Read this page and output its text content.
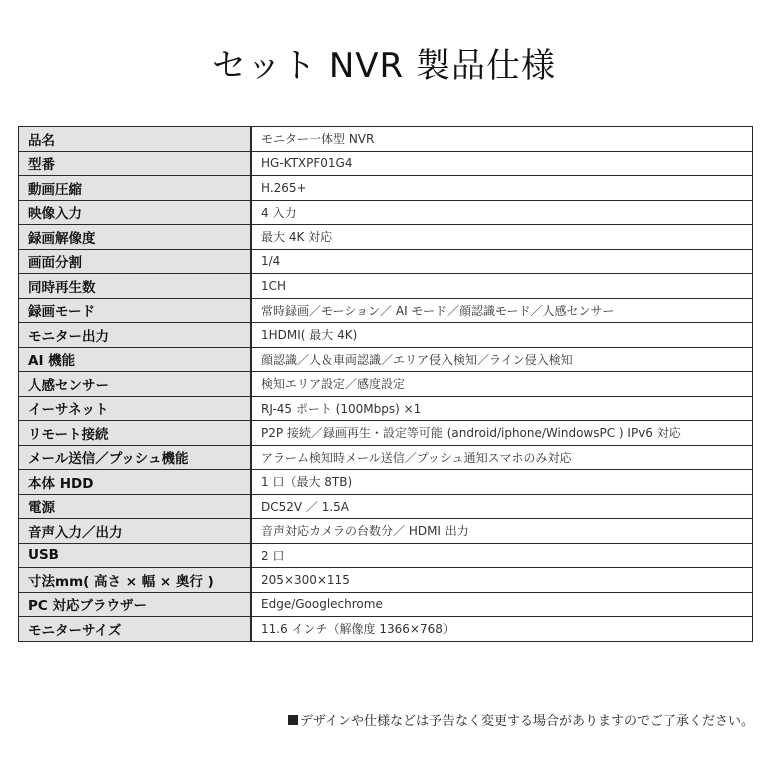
セット NVR 製品仕様
品名	モニター一体型 NVR
型番	HG-KTXPF01G4
動画圧縮	H.265+
映像入力	4 入力
録画解像度	最大 4K 対応
画面分割	1/4
同時再生数	1CH
録画モード	常時録画／モーション／ AI モード／顔認識モード／人感センサー
モニター出力	1HDMI( 最大 4K)
AI 機能	顔認識／人＆車両認識／エリア侵入検知／ライン侵入検知
人感センサー	検知エリア設定／感度設定
イーサネット	RJ-45 ポート (100Mbps) ×1
リモート接続	P2P 接続／録画再生・設定等可能 (android/iphone/WindowsPC ) IPv6 対応
メール送信／プッシュ機能	アラーム検知時メール送信／プッシュ通知スマホのみ対応
本体 HDD	1 口（最大 8TB)
電源	DC52V ／ 1.5A
音声入力／出力	音声対応カメラの台数分／ HDMI 出力
USB	2 口
寸法mm( 高さ × 幅 × 奥行 )	205×300×115
PC 対応ブラウザー	Edge/Googlechrome
モニターサイズ	11.6 インチ（解像度 1366×768）
デザインや仕様などは予告なく変更する場合がありますのでご了承ください。
